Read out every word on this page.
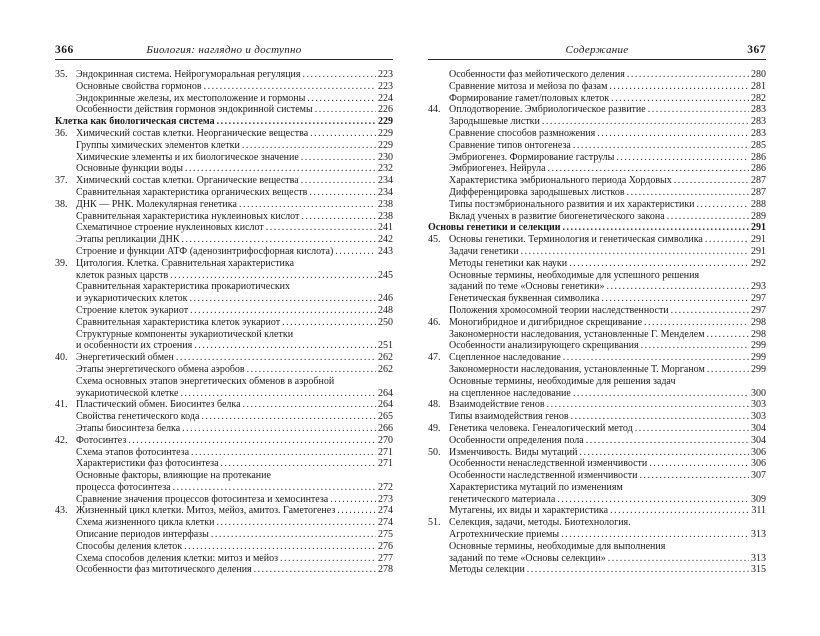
366	Биология: наглядно и доступно
35. Эндокринная система. Нейрогуморальная регуляция .....	223
Основные свойства гормонов .....	223
Эндокринные железы, их местоположение и гормоны .....	224
Особенности действия гормонов эндокринной системы .....	226
Клетка как биологическая система .....	229
36. Химический состав клетки. Неорганические вещества .....	229
Группы химических элементов клетки .....	229
Химические элементы и их биологическое значение .....	230
Основные функции воды .....	232
37. Химический состав клетки. Органические вещества .....	234
Сравнительная характеристика органических веществ .....	234
38. ДНК — РНК. Молекулярная генетика .....	238
Сравнительная характеристика нуклеиновых кислот .....	238
Схематичное строение нуклеиновых кислот .....	241
Этапы репликации ДНК .....	242
Строение и функции АТФ (аденозинтрифосфорная кислота) .....	243
39. Цитология. Клетка. Сравнительная характеристика
клеток разных царств .....	245
Сравнительная характеристика прокариотических
и эукариотических клеток .....	246
Строение клеток эукариот .....	248
Сравнительная характеристика клеток эукариот .....	250
Структурные компоненты эукариотической клетки
и особенности их строения .....	251
40. Энергетический обмен .....	262
Этапы энергетического обмена аэробов .....	262
Схема основных этапов энергетических обменов в аэробной
эукариотической клетке .....	264
41. Пластический обмен. Биосинтез белка .....	264
Свойства генетического кода .....	265
Этапы биосинтеза белка .....	266
42. Фотосинтез .....	270
Схема этапов фотосинтеза .....	271
Характеристики фаз фотосинтеза .....	271
Основные факторы, влияющие на протекание
процесса фотосинтеза .....	272
Сравнение значения процессов фотосинтеза и хемосинтеза .....	273
43. Жизненный цикл клетки. Митоз, мейоз, амитоз. Гаметогенез .....	274
Схема жизненного цикла клетки .....	274
Описание периодов интерфазы .....	275
Способы деления клеток .....	276
Схема способов деления клетки: митоз и мейоз .....	277
Особенности фаз митотического деления .....	278
Содержание	367
Особенности фаз мейотического деления .....	280
Сравнение митоза и мейоза по фазам .....	281
Формирование гамет/половых клеток .....	282
44. Оплодотворение. Эмбриологическое развитие .....	283
Зародышевые листки .....	283
Сравнение способов размножения .....	283
Сравнение типов онтогенеза .....	285
Эмбриогенез. Формирование гаструлы .....	286
Эмбриогенез. Нейрула .....	286
Характеристика эмбрионального периода Хордовых .....	287
Дифференцировка зародышевых листков .....	287
Типы постэмбрионального развития и их характеристики .....	288
Вклад ученых в развитие биогенетического закона .....	289
Основы генетики и селекции .....	291
45. Основы генетики. Терминология и генетическая символика .....	291
Задачи генетики .....	291
Методы генетики как науки .....	292
Основные термины, необходимые для успешного решения
заданий по теме «Основы генетики» .....	293
Генетическая буквенная символика .....	297
Положения хромосомной теории наследственности .....	297
46. Моногибридное и дигибридное скрещивание .....	298
Закономерности наследования, установленные Г. Менделем .....	298
Особенности анализирующего скрещивания .....	299
47. Сцепленное наследование .....	299
Закономерности наследования, установленные Т. Морганом .....	299
Основные термины, необходимые для решения задач
на сцепленное наследование .....	300
48. Взаимодействие генов .....	303
Типы взаимодействия генов .....	303
49. Генетика человека. Генеалогический метод .....	304
Особенности определения пола .....	304
50. Изменчивость. Виды мутаций .....	306
Особенности ненаследственной изменчивости .....	306
Особенности наследственной изменчивости .....	307
Характеристика мутаций по изменениям
генетического материала .....	309
Мутагены, их виды и характеристика .....	311
51. Селекция, задачи, методы. Биотехнология.
Агротехнические приемы .....	313
Основные термины, необходимые для выполнения
заданий по теме «Основы селекции» .....	313
Методы селекции .....	315
